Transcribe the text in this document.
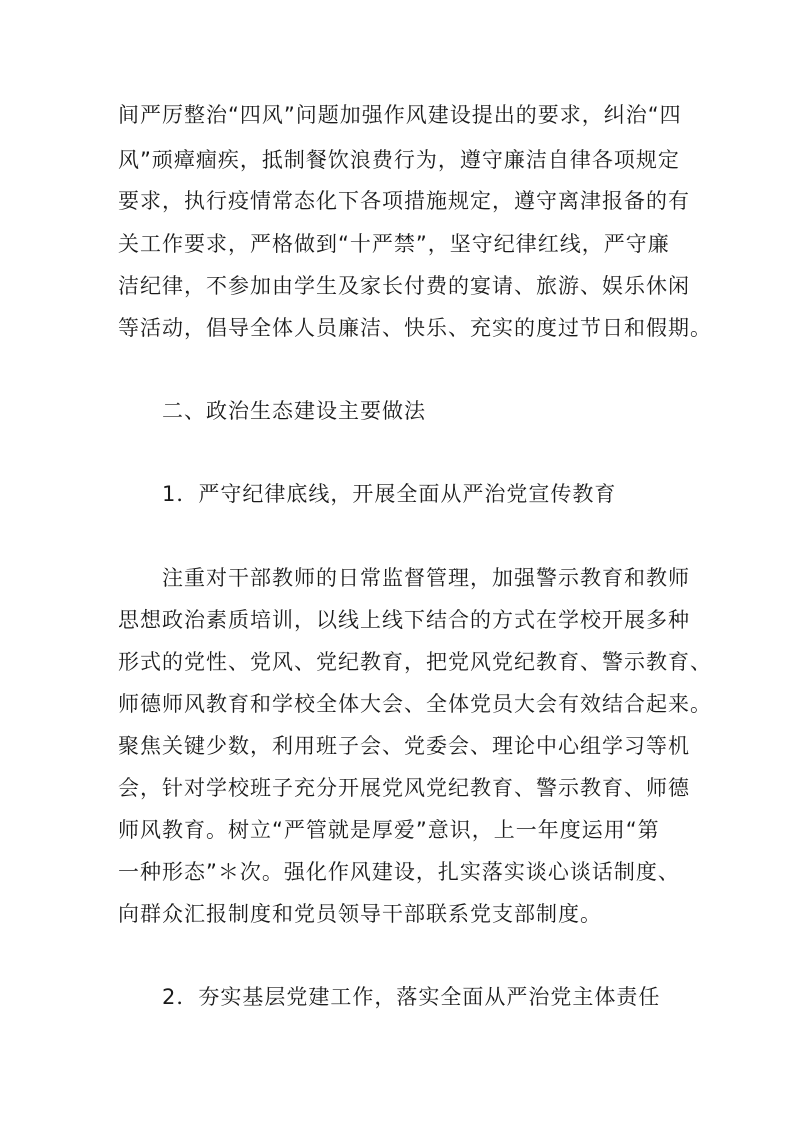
间严厉整治“四风”问题加强作风建设提出的要求，纠治“四
风”顽瘴痼疾，抵制餐饮浪费行为，遵守廉洁自律各项规定
要求，执行疫情常态化下各项措施规定，遵守离津报备的有
关工作要求，严格做到“十严禁”，坚守纪律红线，严守廉
洁纪律，不参加由学生及家长付费的宴请、旅游、娱乐休闲
等活动，倡导全体人员廉洁、快乐、充实的度过节日和假期。
二、政治生态建设主要做法
1．严守纪律底线，开展全面从严治党宣传教育
注重对干部教师的日常监督管理，加强警示教育和教师
思想政治素质培训，以线上线下结合的方式在学校开展多种
形式的党性、党风、党纪教育，把党风党纪教育、警示教育、
师德师风教育和学校全体大会、全体党员大会有效结合起来。
聚焦关键少数，利用班子会、党委会、理论中心组学习等机
会，针对学校班子充分开展党风党纪教育、警示教育、师德
师风教育。树立“严管就是厚爱”意识，上一年度运用“第
一种形态”＊次。强化作风建设，扎实落实谈心谈话制度、
向群众汇报制度和党员领导干部联系党支部制度。
2．夯实基层党建工作，落实全面从严治党主体责任
